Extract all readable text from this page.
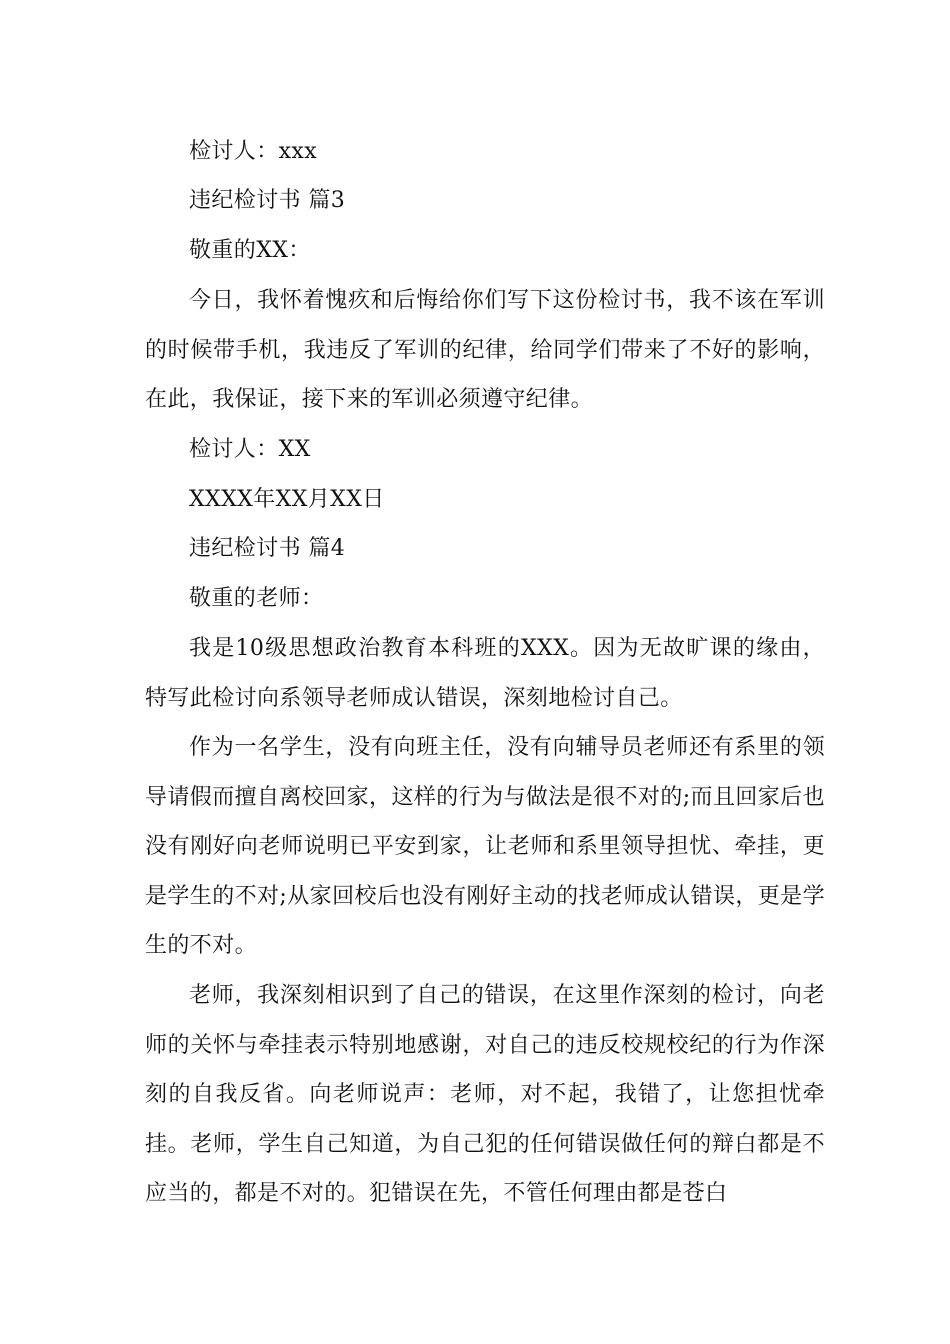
检讨人：xxx

违纪检讨书 篇3

敬重的XX：

今日，我怀着愧疚和后悔给你们写下这份检讨书，我不该在军训的时候带手机，我违反了军训的纪律，给同学们带来了不好的影响，在此，我保证，接下来的军训必须遵守纪律。

检讨人：XX

XXXX年XX月XX日

违纪检讨书 篇4

敬重的老师：

我是10级思想政治教育本科班的XXX。因为无故旷课的缘由，特写此检讨向系领导老师成认错误，深刻地检讨自己。

作为一名学生，没有向班主任，没有向辅导员老师还有系里的领导请假而擅自离校回家，这样的行为与做法是很不对的;而且回家后也没有刚好向老师说明已平安到家，让老师和系里领导担忧、牵挂，更是学生的不对;从家回校后也没有刚好主动的找老师成认错误，更是学生的不对。

老师，我深刻相识到了自己的错误，在这里作深刻的检讨，向老师的关怀与牵挂表示特别地感谢，对自己的违反校规校纪的行为作深刻的自我反省。向老师说声：老师，对不起，我错了，让您担忧牵挂。老师，学生自己知道，为自己犯的任何错误做任何的辩白都是不应当的，都是不对的。犯错误在先，不管任何理由都是苍白
